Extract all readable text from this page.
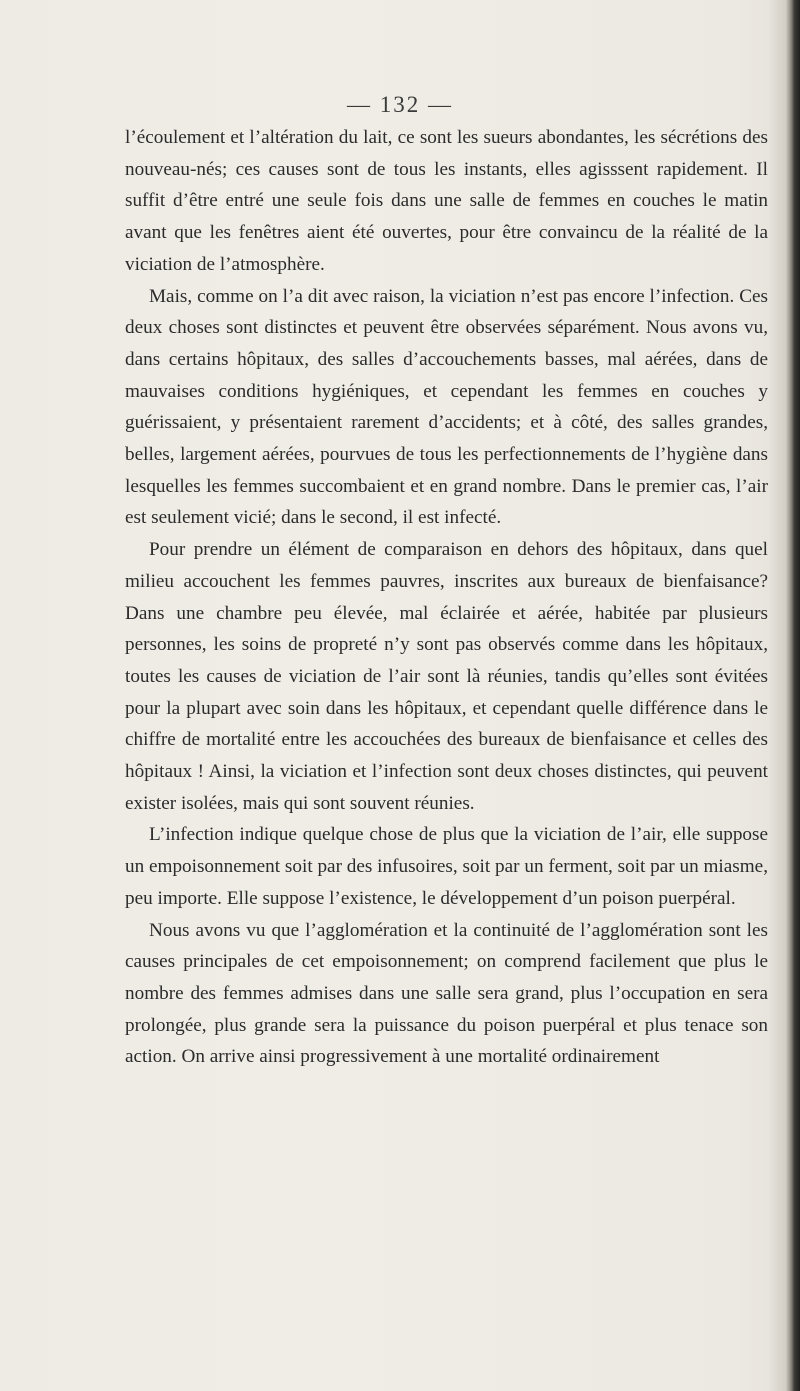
— 132 —

l’écoulement et l’altération du lait, ce sont les sueurs abondantes, les sécrétions des nouveau-nés; ces causes sont de tous les instants, elles agisssent rapidement. Il suffit d’être entré une seule fois dans une salle de femmes en couches le matin avant que les fenêtres aient été ouvertes, pour être convaincu de la réalité de la viciation de l’atmosphère.

Mais, comme on l’a dit avec raison, la viciation n’est pas encore l’infection. Ces deux choses sont distinctes et peuvent être observées séparément. Nous avons vu, dans certains hôpitaux, des salles d’accouchements basses, mal aérées, dans de mauvaises conditions hygiéniques, et cependant les femmes en couches y guérissaient, y présentaient rarement d’accidents; et à côté, des salles grandes, belles, largement aérées, pourvues de tous les perfectionnements de l’hygiène dans lesquelles les femmes succombaient et en grand nombre. Dans le premier cas, l’air est seulement vicié; dans le second, il est infecté.

Pour prendre un élément de comparaison en dehors des hôpitaux, dans quel milieu accouchent les femmes pauvres, inscrites aux bureaux de bienfaisance? Dans une chambre peu élevée, mal éclairée et aérée, habitée par plusieurs personnes, les soins de propreté n’y sont pas observés comme dans les hôpitaux, toutes les causes de viciation de l’air sont là réunies, tandis qu’elles sont évitées pour la plupart avec soin dans les hôpitaux, et cependant quelle différence dans le chiffre de mortalité entre les accouchées des bureaux de bienfaisance et celles des hôpitaux ! Ainsi, la viciation et l’infection sont deux choses distinctes, qui peuvent exister isolées, mais qui sont souvent réunies.

L’infection indique quelque chose de plus que la viciation de l’air, elle suppose un empoisonnement soit par des infusoires, soit par un ferment, soit par un miasme, peu importe. Elle suppose l’existence, le développement d’un poison puerpéral.

Nous avons vu que l’agglomération et la continuité de l’agglomération sont les causes principales de cet empoisonnement; on comprend facilement que plus le nombre des femmes admises dans une salle sera grand, plus l’occupation en sera prolongée, plus grande sera la puissance du poison puerpéral et plus tenace son action. On arrive ainsi progressivement à une mortalité ordinairement
